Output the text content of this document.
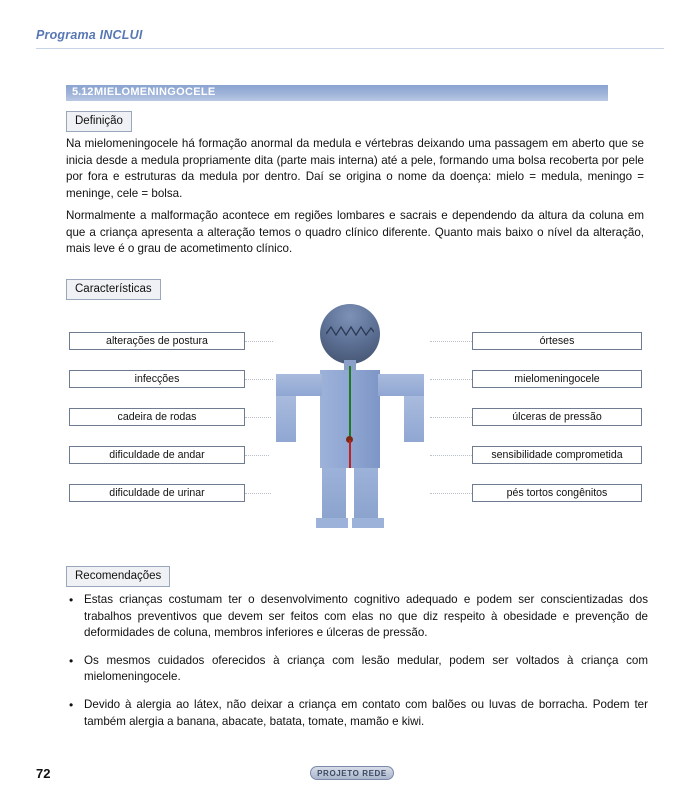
Programa INCLUI
5.12 MIELOMENINGOCELE
Definição
Na mielomeningocele há formação anormal da medula e vértebras deixando uma passagem em aberto que se inicia desde a medula propriamente dita (parte mais interna) até a pele, formando uma bolsa recoberta por pele por fora e estruturas da medula por dentro. Daí se origina o nome da doença: mielo = medula, meningo = meninge, cele = bolsa.
Normalmente a malformação acontece em regiões lombares e sacrais e dependendo da altura da coluna em que a criança apresenta a alteração temos o quadro clínico diferente. Quanto mais baixo o nível da alteração, mais leve é o grau de acometimento clínico.
Características
alterações de postura
infecções
cadeira de rodas
dificuldade de andar
dificuldade de urinar
órteses
mielomeningocele
úlceras de pressão
sensibilidade comprometida
pés tortos congênitos
Recomendações
• Estas crianças costumam ter o desenvolvimento cognitivo adequado e podem ser conscientizadas dos trabalhos preventivos que devem ser feitos com elas no que diz respeito à obesidade e prevenção de deformidades de coluna, membros inferiores e úlceras de pressão.
• Os mesmos cuidados oferecidos à criança com lesão medular, podem ser voltados à criança com mielomeningocele.
• Devido à alergia ao látex, não deixar a criança em contato com balões ou luvas de borracha. Podem ter também alergia a banana, abacate, batata, tomate, mamão e kiwi.
72	PROJETO REDE
